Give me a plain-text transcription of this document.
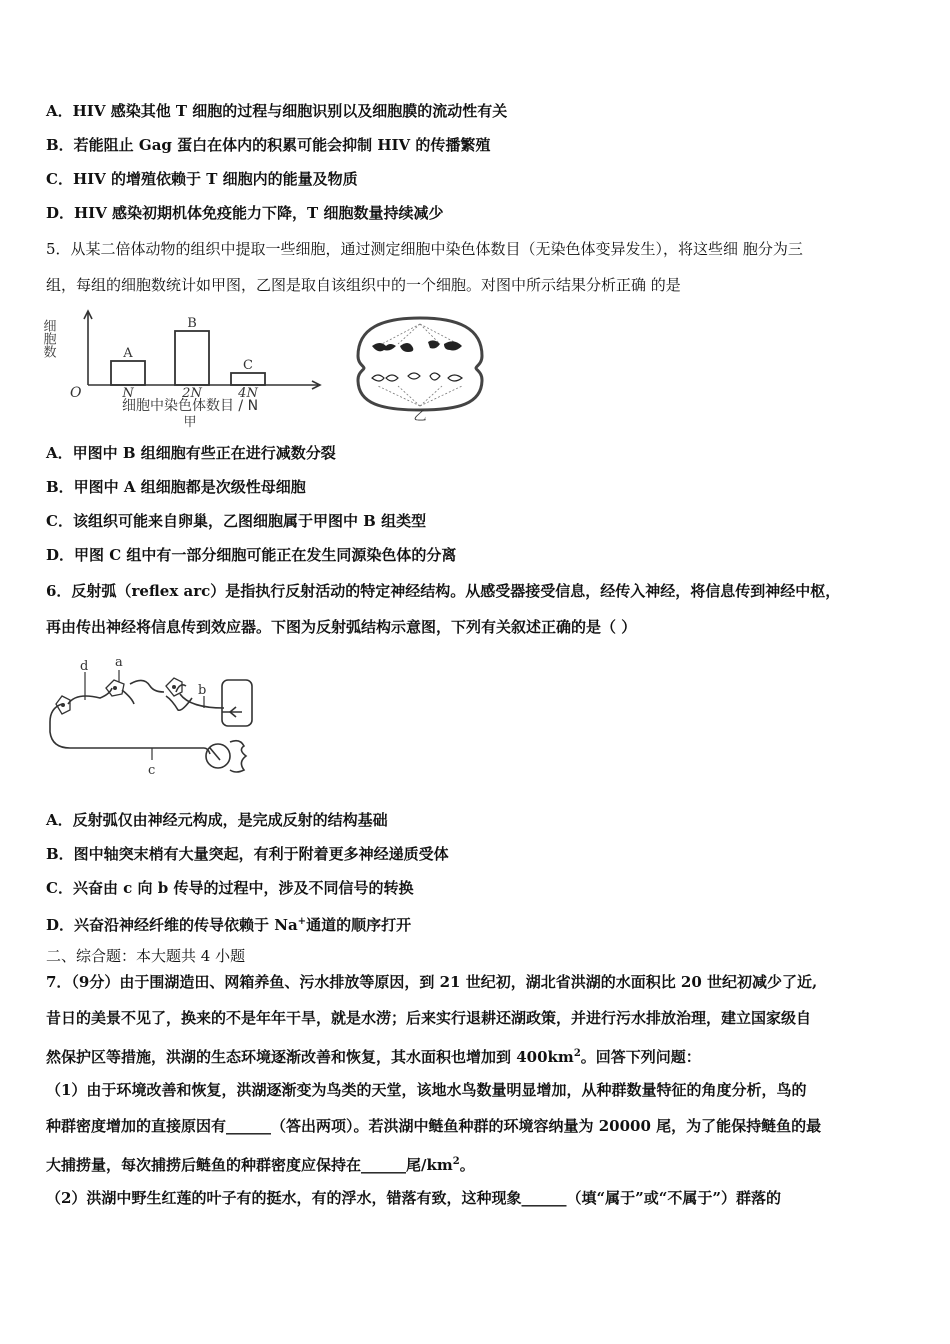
A．HIV 感染其他 T 细胞的过程与细胞识别以及细胞膜的流动性有关
B．若能阻止 Gag 蛋白在体内的积累可能会抑制 HIV 的传播繁殖
C．HIV 的增殖依赖于 T 细胞内的能量及物质
D．HIV 感染初期机体免疫能力下降，T 细胞数量持续减少
5．从某二倍体动物的组织中提取一些细胞，通过测定细胞中染色体数目（无染色体变异发生），将这些细 胞分为三
组，每组的细胞数统计如甲图，乙图是取自该组织中的一个细胞。对图中所示结果分析正确 的是
细胞数
O
A
B
C
N	2N	4N
细胞中染色体数目 / N
甲	乙
A．甲图中 B 组细胞有些正在进行减数分裂
B．甲图中 A 组细胞都是次级性母细胞
C．该组织可能来自卵巢，乙图细胞属于甲图中 B 组类型
D．甲图 C 组中有一部分细胞可能正在发生同源染色体的分离
6．反射弧（reflex arc）是指执行反射活动的特定神经结构。从感受器接受信息，经传入神经，将信息传到神经中枢，
再由传出神经将信息传到效应器。下图为反射弧结构示意图，下列有关叙述正确的是（ ）
d a
b
c
A．反射弧仅由神经元构成，是完成反射的结构基础
B．图中轴突末梢有大量突起，有利于附着更多神经递质受体
C．兴奋由 c 向 b 传导的过程中，涉及不同信号的转换
D．兴奋沿神经纤维的传导依赖于 Na+通道的顺序打开
二、综合题：本大题共 4 小题
7．（9分）由于围湖造田、网箱养鱼、污水排放等原因，到 21 世纪初，湖北省洪湖的水面积比 20 世纪初减少了近,
昔日的美景不见了，换来的不是年年干旱，就是水涝；后来实行退耕还湖政策，并进行污水排放治理，建立国家级自
然保护区等措施，洪湖的生态环境逐渐改善和恢复，其水面积也增加到 $400km^2$。回答下列问题：
（1）由于环境改善和恢复，洪湖逐渐变为鸟类的天堂，该地水鸟数量明显增加，从种群数量特征的角度分析，鸟的
种群密度增加的直接原因有______（答出两项）。若洪湖中鲢鱼种群的环境容纳量为 20000 尾，为了能保持鲢鱼的最
大捕捞量，每次捕捞后鲢鱼的种群密度应保持在______尾$/km^2$。
（2）洪湖中野生红莲的叶子有的挺水，有的浮水，错落有致，这种现象______（填“属于”或“不属于”）群落的
